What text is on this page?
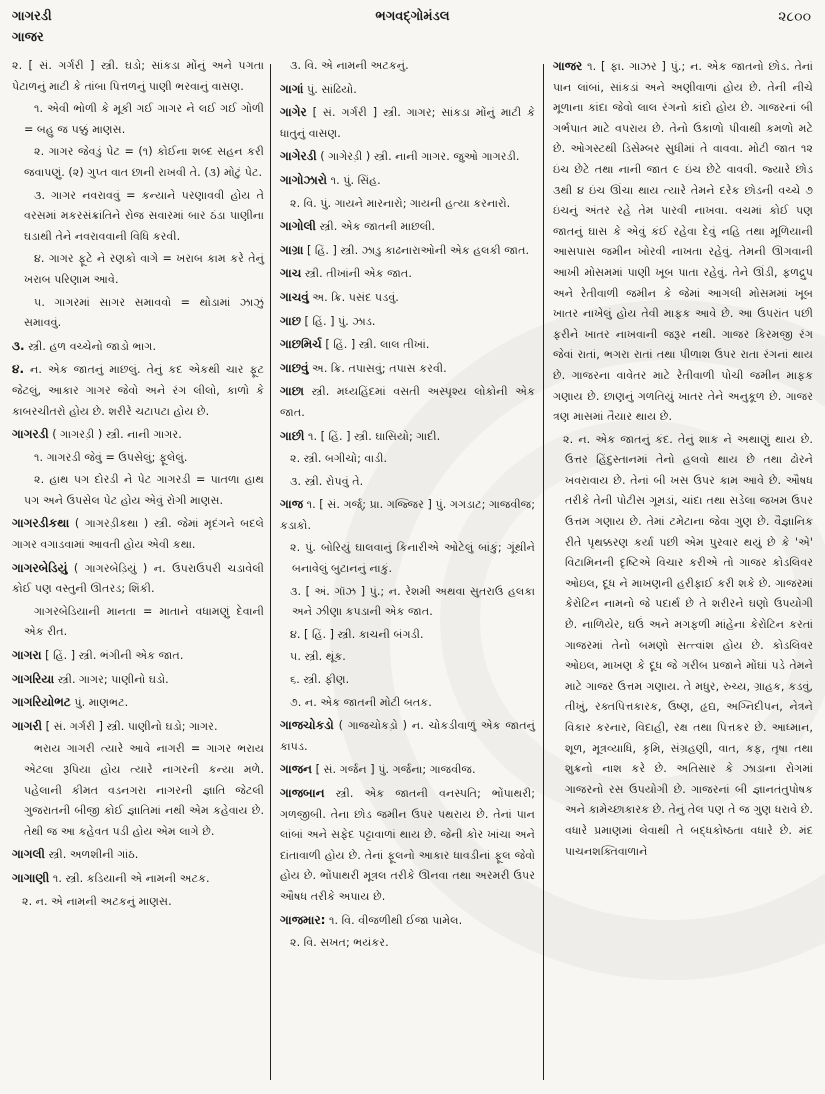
ગાગરડી
ગાજર
ભગવદ્ગોમંડલ	૨૮૦૦
૨. [ સં. ગર્ગરી ] સ્ત્રી. ઘડો; સાંકડા મોંનું અને પગતા પેટાળનું માટી કે તાંબા પિત્તળનું પાણી ભરવાનું વાસણ.
૧. એવી ભોળી કે મૂકી ગઈ ગાગર ને લઈ ગઈ ગોળી = બહુ જ પક્કું માણસ.
૨. ગાગર જેવડું પેટ = (૧) કોઈના શબ્દ સહન કરી જવાપણું. (૨) ગુપ્ત વાત છાની રાખવી તે. (૩) મોટું પેટ.
૩. ગાગર નવરાવવું = કન્યાને પરણાવવી હોય તે વરસમાં મકરસંક્રાંતિને રોજ સવારમાં બાર ઠંડા પાણીના ઘડાથી તેને નવરાવવાની વિધિ કરવી.
૪. ગાગર ફૂટે ને રણકો વાગે = ખરાબ કામ કરે તેનું ખરાબ પરિણામ આવે.
૫. ગાગરમાં સાગર સમાવવો = થોડામાં ઝાઝું સમાવવું.
૩. સ્ત્રી. હળ વચ્ચેનો જાડો ભાગ.
૪. ન. એક જાતનું માછલું. તેનું કદ એકથી ચાર ફૂટ જેટલું, આકાર ગાગર જેવો અને રંગ લીલો, કાળો કે કાબરચીતરો હોય છે. શરીરે ચટાપટા હોય છે.
ગાગરડી ( ગાગરડ઼ી ) સ્ત્રી. નાની ગાગર.
૧. ગાગરડી જેવું = ઉપસેલું; ફૂલેલું.
૨. હાથ પગ દોરડી ને પેટ ગાગરડી = પાતળા હાથ પગ અને ઉપસેલ પેટ હોય એવું રોગી માણસ.
ગાગરડીકથા ( ગાગરડ઼ીકથા ) સ્ત્રી. જેમાં મૃદંગને બદલે ગાગર વગાડવામાં આવતી હોય એવી કથા.
ગાગરબેડિયું ( ગાગરબેડ઼િયું ) ન. ઉપરાઉપરી ચડાવેલી કોઈ પણ વસ્તુની ઊતરડ; શિંકી.
ગાગરબેડિયાની માનતા = માતાને વધામણું દેવાની એક રીત.
ગાગરા [ હિં. ] સ્ત્રી. ભંગીની એક જાત.
ગાગરિયા સ્ત્રી. ગાગર; પાણીનો ઘડો.
ગાગરિયોભટ પું. માણભટ.
ગાગરી [ સં. ગર્ગરી ] સ્ત્રી. પાણીનો ઘડો; ગાગર.
ભરાય ગાગરી ત્યારે આવે નાગરી = ગાગર ભરાય એટલા રૂપિયા હોય ત્યારે નાગરની કન્યા મળે. પહેલાની કીમત વડનગરા નાગરની જ્ઞાતિ જેટલી ગુજરાતની બીજી કોઈ જ્ઞાતિમાં નથી એમ કહેવાય છે. તેથી જ આ કહેવત પડી હોય એમ લાગે છે.
ગાગલી સ્ત્રી. અળશીની ગાંઠ.
ગાગાણી ૧. સ્ત્રી. કડિયાની એ નામની અટક.
૨. ન. એ નામની અટકનું માણસ.
૩. વિ. એ નામની અટકનું.
ગાગાં પું. સાંઢિયો.
ગાગેર [ સં. ગર્ગરી ] સ્ત્રી. ગાગર; સાંકડા મોંનું માટી કે ધાતુનું વાસણ.
ગાગેરડી ( ગાગેરડ઼ી ) સ્ત્રી. નાની ગાગર. જુઓ ગાગરડી.
ગાગોઝારો ૧. પું. સિંહ.
૨. વિ. પું. ગાયને મારનારો; ગાયની હત્યા કરનારો.
ગાગોલી સ્ત્રી. એક જાતની માછલી.
ગાગ્રા [ હિં. ] સ્ત્રી. ઝાડુ કાઢનારાઓની એક હલકી જાત.
ગાચ સ્ત્રી. તીખાંની એક જાત.
ગાચવું અ. ક્રિ. પસંદ પડવું.
ગાછ [ હિં. ] પું. ઝાડ.
ગાછમિર્ચ [ હિં. ] સ્ત્રી. લાલ તીખાં.
ગાછવું અ. ક્રિ. તપાસવું; તપાસ કરવી.
ગાછા સ્ત્રી. મધ્યહિંદમાં વસતી અસ્પૃશ્ય લોકોની એક જાત.
ગાછી ૧. [ હિં. ] સ્ત્રી. ઘાસિયો; ગાદી.
૨. સ્ત્રી. બગીચો; વાડી.
૩. સ્ત્રી. રોપવું તે.
ગાજ ૧. [ સં. ગર્જ્; પ્રા. ગજ્જિર ] પું. ગગડાટ; ગાજવીજ; કડાકો.
૨. પું. બોરિયું ઘાલવાનું કિનારીએ ઓટેલું બાંકું; ગૂંથીને બનાવેલું બુટાનનું નાકું.
૩. [ અં. ગૉઝ ] પું.; ન. રેશમી અથવા સુતરાઉ હલકા અને ઝીણા કપડાની એક જાત.
૪. [ હિં. ] સ્ત્રી. કાચની બંગડી.
૫. સ્ત્રી. થૂંક.
૬. સ્ત્રી. ફીણ.
૭. ન. એક જાતની મોટી બતક.
ગાજચોકડો ( ગાજચોકડ઼ો ) ન. ચોકડીવાળું એક જાતનું કાપડ.
ગાજન [ સં. ગર્જન ] પું. ગર્જના; ગાજવીજ.
ગાજબાન સ્ત્રી. એક જાતની વનસ્પતિ; ભોંપાથરી; ગળજીબી. તેના છોડ જમીન ઉપર પથરાય છે. તેનાં પાન લાંબાં અને સફેદ પટ્ટાવાળાં થાય છે. જેની કોર ખાંચા અને દાંતાવાળી હોય છે. તેનાં ફૂલનો આકાર ધાવડીનાં ફૂલ જેવો હોય છે. ભોંપાથરી મૂત્રલ તરીકે ઊનવા તથા અરમરી ઉપર ઔષધ તરીકે અપાય છે.
ગાજમાર: ૧. વિ. વીજળીથી ઈજા પામેલ.
૨. વિ. સખત; ભયંકર.
ગાજર ૧. [ ફા. ગાઝર ] પું.; ન. એક જાતનો છોડ. તેનાં પાન લાંબાં, સાંકડાં અને અણીવાળાં હોય છે. તેની નીચે મૂળાના કાંદા જેવો લાલ રંગનો કાંદો હોય છે. ગાજરનાં બી ગર્ભપાત માટે વપરાય છે. તેનો ઉકાળો પીવાથી કમળો મટે છે. ઓગસ્ટથી ડિસેમ્બર સુધીમાં તે વાવવા. મોટી જાત ૧૨ ઇંચ છેટે તથા નાની જાત ૯ ઇંચ છેટે વાવવી. જ્યારે છોડ ૩થી ૪ ઇંચ ઊંચા થાય ત્યારે તેમને દરેક છોડની વચ્ચે ૭ ઇંચનું અંતર રહે તેમ પારવી નાખવા. વચમાં કોઈ પણ જાતનું ઘાસ કે એવું કંઈ રહેવા દેવું નહિ તથા મૂળિયાની આસપાસ જમીન ખોરવી નાખતા રહેવું. તેમની ઊગવાની આખી મોસમમાં પાણી ખૂબ પાતા રહેવું. તેને ઊંડી, ફળદ્રુપ અને રેતીવાળી જમીન કે જેમાં આગલી મોસમમાં ખૂબ ખાતર નાખેલું હોય તેવી માફક આવે છે. આ ઉપરાંત પછી ફરીને ખાતર નાખવાની જરૂર નથી. ગાજર કિરમજી રંગ જેવાં રાતાં, ભગરા રાતાં તથા પીળાશ ઉપર રાતા રંગનાં થાય છે. ગાજરના વાવેતર માટે રેતીવાળી પોચી જમીન માફક ગણાય છે. છાણનું ગળતિયું ખાતર તેને અનુકૂળ છે. ગાજર ત્રણ માસમાં તૈયાર થાય છે.
૨. ન. એક જાતનું કંદ. તેનું શાક ને અથાણું થાય છે. ઉત્તર હિંદુસ્તાનમાં તેનો હલવો થાય છે તથા ઢોરને ખવરાવાય છે. તેનાં બી ખસ ઉપર કામ આવે છે. ઔષધ તરીકે તેની પોટીસ ગૂમડાં, ચાંદા તથા સડેલા જખમ ઉપર ઉત્તમ ગણાય છે. તેમાં ટમેટાના જેવા ગુણ છે. વૈજ્ઞાનિક રીતે પૃથક્કરણ કર્યા પછી એમ પુરવાર થયું છે કે 'એ' વિટામિનની દૃષ્ટિએ વિચાર કરીએ તો ગાજર કોડલિવર ઓઇલ, દૂધ ને માખણની હરીફાઈ કરી શકે છે. ગાજરમાં કેરોટિન નામનો જે પદાર્થ છે તે શરીરને ઘણો ઉપયોગી છે. નાળિયેર, ઘઉં અને મગફળી માંહેના કેરોટિન કરતાં ગાજરમાં તેનો બમણો સત્ત્વાંશ હોય છે. કોડલિવર ઓઇલ, માખણ કે દૂધ જે ગરીબ પ્રજાને મોંઘાં પડે તેમને માટે ગાજર ઉત્તમ ગણાય. તે મધુર, રુચ્ય, ગ્રાહક, કડવું, તીખું, રક્તપિત્તકારક, ઉષ્ણ, હૃદ્ય, અગ્નિદીપન, નેત્રને વિકાર કરનાર, વિદાહી, રક્ષ તથા પિત્તકર છે. આધ્માન, શૂળ, મૂત્રવ્યાધિ, કૃમિ, સંગ્રહણી, વાત, કફ, તૃષા તથા શુક્રનો નાશ કરે છે. અતિસાર કે ઝાડાના રોગમાં ગાજરનો રસ ઉપયોગી છે. ગાજરનાં બી જ્ઞાનતંતુપોષક અને કામેચ્છાકારક છે. તેનું તેલ પણ તે જ ગુણ ધરાવે છે. વધારે પ્રમાણમાં લેવાથી તે બદ્ધકોષ્ઠતા વધારે છે. મંદ પાચનશક્તિવાળાને
